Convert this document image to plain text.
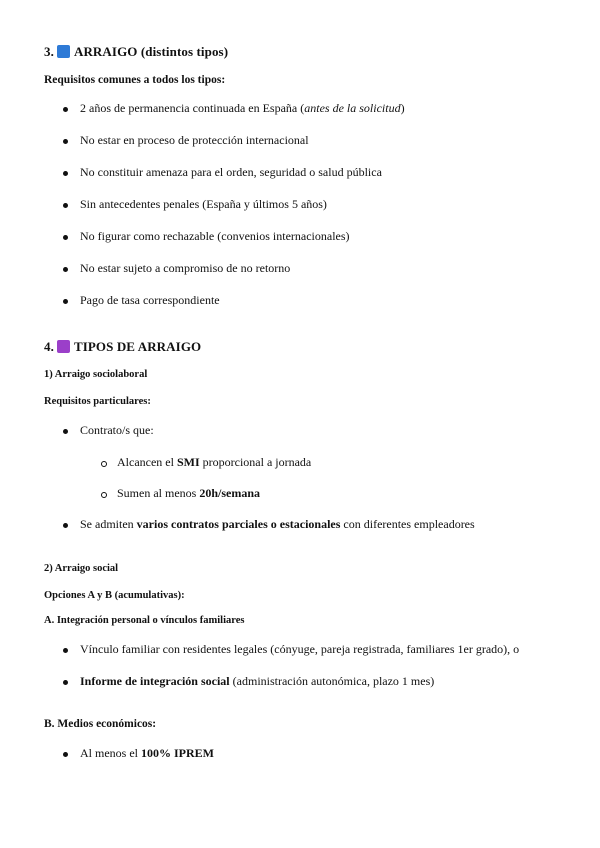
3. ARRAIGO (distintos tipos)
Requisitos comunes a todos los tipos:
2 años de permanencia continuada en España (antes de la solicitud)
No estar en proceso de protección internacional
No constituir amenaza para el orden, seguridad o salud pública
Sin antecedentes penales (España y últimos 5 años)
No figurar como rechazable (convenios internacionales)
No estar sujeto a compromiso de no retorno
Pago de tasa correspondiente
4. TIPOS DE ARRAIGO
1) Arraigo sociolaboral
Requisitos particulares:
Contrato/s que:
Alcancen el SMI proporcional a jornada
Sumen al menos 20h/semana
Se admiten varios contratos parciales o estacionales con diferentes empleadores
2) Arraigo social
Opciones A y B (acumulativas):
A. Integración personal o vínculos familiares
Vínculo familiar con residentes legales (cónyuge, pareja registrada, familiares 1er grado), o
Informe de integración social (administración autonómica, plazo 1 mes)
B. Medios económicos:
Al menos el 100% IPREM
